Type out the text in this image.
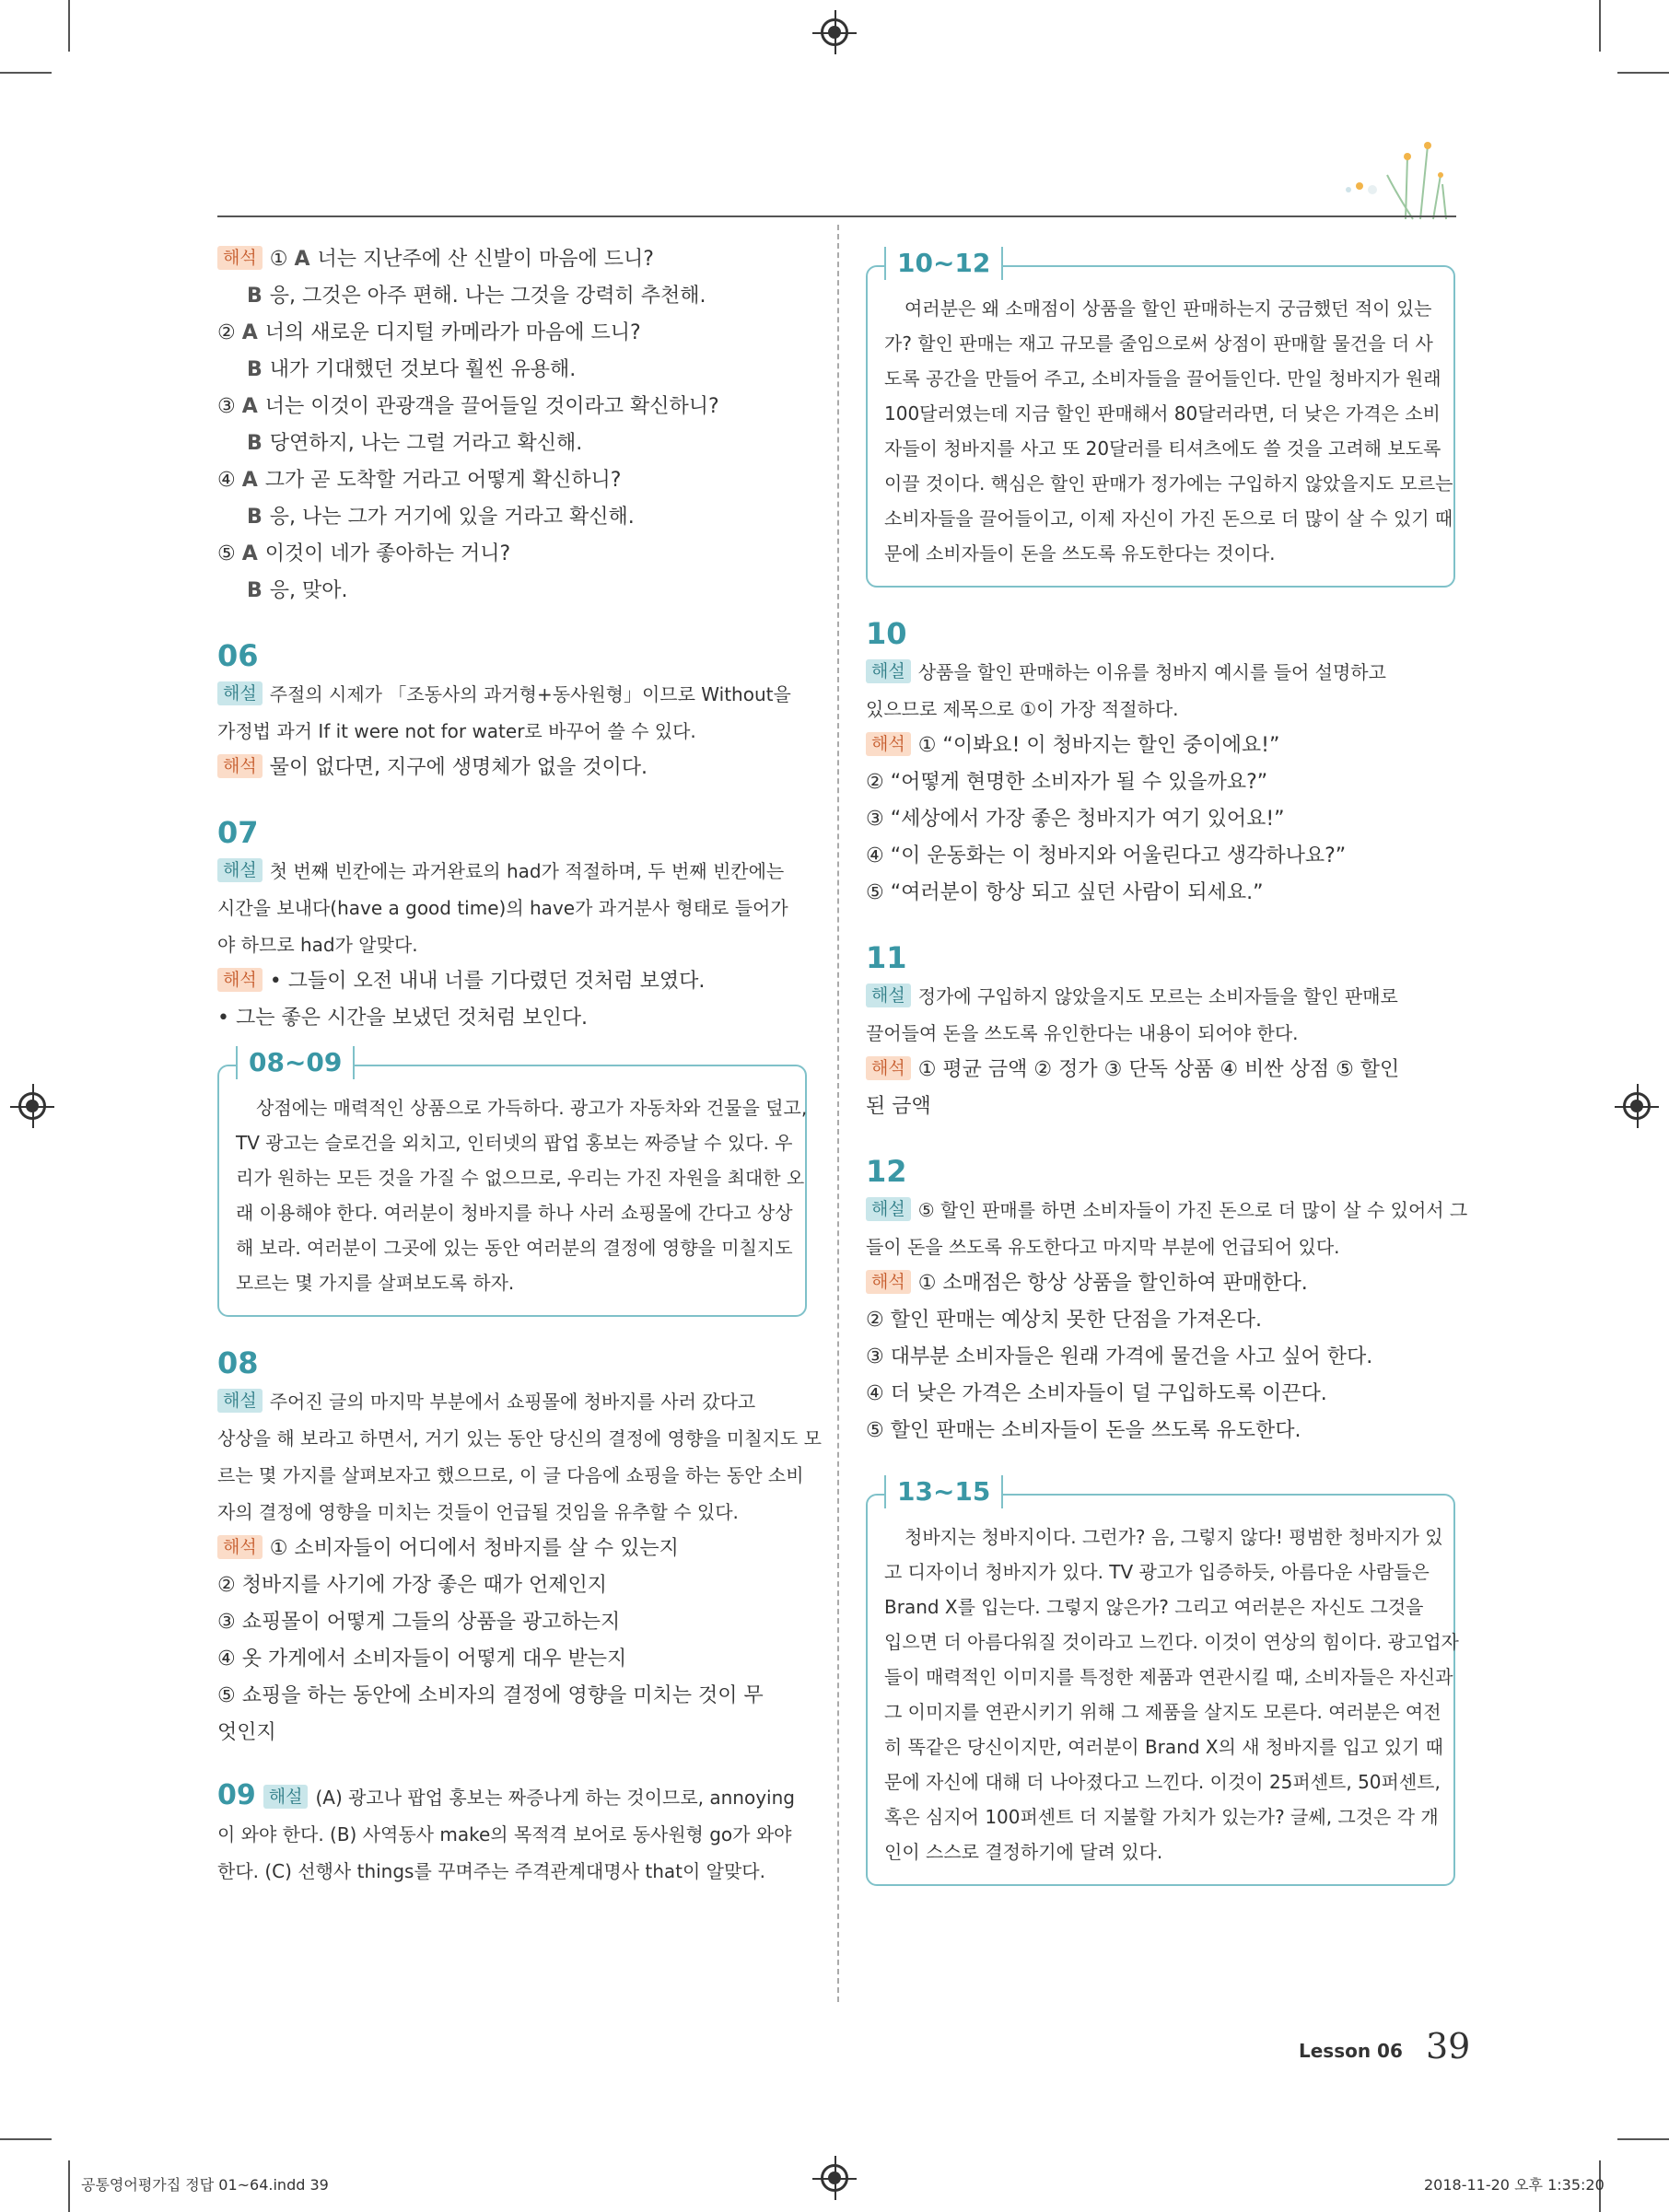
해석 ① A 너는 지난주에 산 신발이 마음에 드니?
B 응, 그것은 아주 편해. 나는 그것을 강력히 추천해.
② A 너의 새로운 디지털 카메라가 마음에 드니?
B 내가 기대했던 것보다 훨씬 유용해.
③ A 너는 이것이 관광객을 끌어들일 것이라고 확신하니?
B 당연하지, 나는 그럴 거라고 확신해.
④ A 그가 곧 도착할 거라고 어떻게 확신하니?
B 응, 나는 그가 거기에 있을 거라고 확신해.
⑤ A 이것이 네가 좋아하는 거니?
B 응, 맞아.
06
해설 주절의 시제가 「조동사의 과거형+동사원형」이므로 Without을
가정법 과거 If it were not for water로 바꾸어 쓸 수 있다.
해석 물이 없다면, 지구에 생명체가 없을 것이다.
07
해설 첫 번째 빈칸에는 과거완료의 had가 적절하며, 두 번째 빈칸에는
시간을 보내다(have a good time)의 have가 과거분사 형태로 들어가
야 하므로 had가 알맞다.
해석 • 그들이 오전 내내 너를 기다렸던 것처럼 보였다.
• 그는 좋은 시간을 보냈던 것처럼 보인다.
08~09
상점에는 매력적인 상품으로 가득하다. 광고가 자동차와 건물을 덮고,
TV 광고는 슬로건을 외치고, 인터넷의 팝업 홍보는 짜증날 수 있다. 우
리가 원하는 모든 것을 가질 수 없으므로, 우리는 가진 자원을 최대한 오
래 이용해야 한다. 여러분이 청바지를 하나 사러 쇼핑몰에 간다고 상상
해 보라. 여러분이 그곳에 있는 동안 여러분의 결정에 영향을 미칠지도
모르는 몇 가지를 살펴보도록 하자.
08
해설 주어진 글의 마지막 부분에서 쇼핑몰에 청바지를 사러 갔다고
상상을 해 보라고 하면서, 거기 있는 동안 당신의 결정에 영향을 미칠지도 모
르는 몇 가지를 살펴보자고 했으므로, 이 글 다음에 쇼핑을 하는 동안 소비
자의 결정에 영향을 미치는 것들이 언급될 것임을 유추할 수 있다.
해석 ① 소비자들이 어디에서 청바지를 살 수 있는지
② 청바지를 사기에 가장 좋은 때가 언제인지
③ 쇼핑몰이 어떻게 그들의 상품을 광고하는지
④ 옷 가게에서 소비자들이 어떻게 대우 받는지
⑤ 쇼핑을 하는 동안에 소비자의 결정에 영향을 미치는 것이 무
엇인지
09 해설 (A) 광고나 팝업 홍보는 짜증나게 하는 것이므로, annoying
이 와야 한다. (B) 사역동사 make의 목적격 보어로 동사원형 go가 와야
한다. (C) 선행사 things를 꾸며주는 주격관계대명사 that이 알맞다.
10~12
여러분은 왜 소매점이 상품을 할인 판매하는지 궁금했던 적이 있는
가? 할인 판매는 재고 규모를 줄임으로써 상점이 판매할 물건을 더 사
도록 공간을 만들어 주고, 소비자들을 끌어들인다. 만일 청바지가 원래
100달러였는데 지금 할인 판매해서 80달러라면, 더 낮은 가격은 소비
자들이 청바지를 사고 또 20달러를 티셔츠에도 쓸 것을 고려해 보도록
이끌 것이다. 핵심은 할인 판매가 정가에는 구입하지 않았을지도 모르는
소비자들을 끌어들이고, 이제 자신이 가진 돈으로 더 많이 살 수 있기 때
문에 소비자들이 돈을 쓰도록 유도한다는 것이다.
10
해설 상품을 할인 판매하는 이유를 청바지 예시를 들어 설명하고
있으므로 제목으로 ①이 가장 적절하다.
해석 ① “이봐요! 이 청바지는 할인 중이에요!”
② “어떻게 현명한 소비자가 될 수 있을까요?”
③ “세상에서 가장 좋은 청바지가 여기 있어요!”
④ “이 운동화는 이 청바지와 어울린다고 생각하나요?”
⑤ “여러분이 항상 되고 싶던 사람이 되세요.”
11
해설 정가에 구입하지 않았을지도 모르는 소비자들을 할인 판매로
끌어들여 돈을 쓰도록 유인한다는 내용이 되어야 한다.
해석 ① 평균 금액 ② 정가 ③ 단독 상품 ④ 비싼 상점 ⑤ 할인
된 금액
12
해설 ⑤ 할인 판매를 하면 소비자들이 가진 돈으로 더 많이 살 수 있어서 그
들이 돈을 쓰도록 유도한다고 마지막 부분에 언급되어 있다.
해석 ① 소매점은 항상 상품을 할인하여 판매한다.
② 할인 판매는 예상치 못한 단점을 가져온다.
③ 대부분 소비자들은 원래 가격에 물건을 사고 싶어 한다.
④ 더 낮은 가격은 소비자들이 덜 구입하도록 이끈다.
⑤ 할인 판매는 소비자들이 돈을 쓰도록 유도한다.
13~15
청바지는 청바지이다. 그런가? 음, 그렇지 않다! 평범한 청바지가 있
고 디자이너 청바지가 있다. TV 광고가 입증하듯, 아름다운 사람들은
Brand X를 입는다. 그렇지 않은가? 그리고 여러분은 자신도 그것을
입으면 더 아름다워질 것이라고 느낀다. 이것이 연상의 힘이다. 광고업자
들이 매력적인 이미지를 특정한 제품과 연관시킬 때, 소비자들은 자신과
그 이미지를 연관시키기 위해 그 제품을 살지도 모른다. 여러분은 여전
히 똑같은 당신이지만, 여러분이 Brand X의 새 청바지를 입고 있기 때
문에 자신에 대해 더 나아졌다고 느낀다. 이것이 25퍼센트, 50퍼센트,
혹은 심지어 100퍼센트 더 지불할 가치가 있는가? 글쎄, 그것은 각 개
인이 스스로 결정하기에 달려 있다.
Lesson 06 39
공통영어평가집 정답 01~64.indd 39	2018-11-20 오후 1:35:20
